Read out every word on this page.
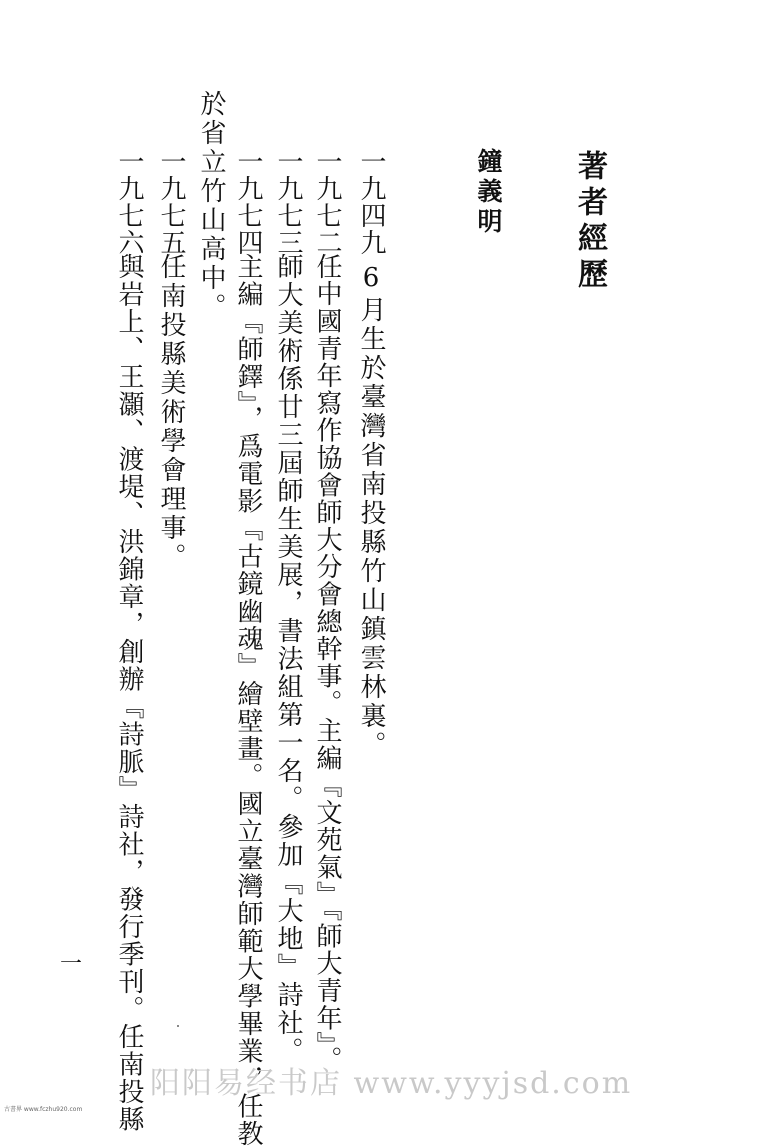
著者經歷
鐘義明
一九四九
6月生於臺灣省南投縣竹山鎮雲林裏。
一九七二
任中國青年寫作協會師大分會總幹事。主編『文苑氣』『師大青年』。
一九七三
師大美術係廿三屆師生美展，書法組第一名。參加『大地』詩社。
一九七四
主編『師鐸』，爲電影『古鏡幽魂』繪壁畫。國立臺灣師範大學畢業，任教
於省立竹山高中。
一九七五
任南投縣美術學會理事。
一九七六
與岩上、王灝、渡堤、洪錦章，創辦『詩脈』詩社，發行季刊。任南投縣
一
阳阳易经书店 www.yyyjsd.com
古書界 www.fczhu920.com
